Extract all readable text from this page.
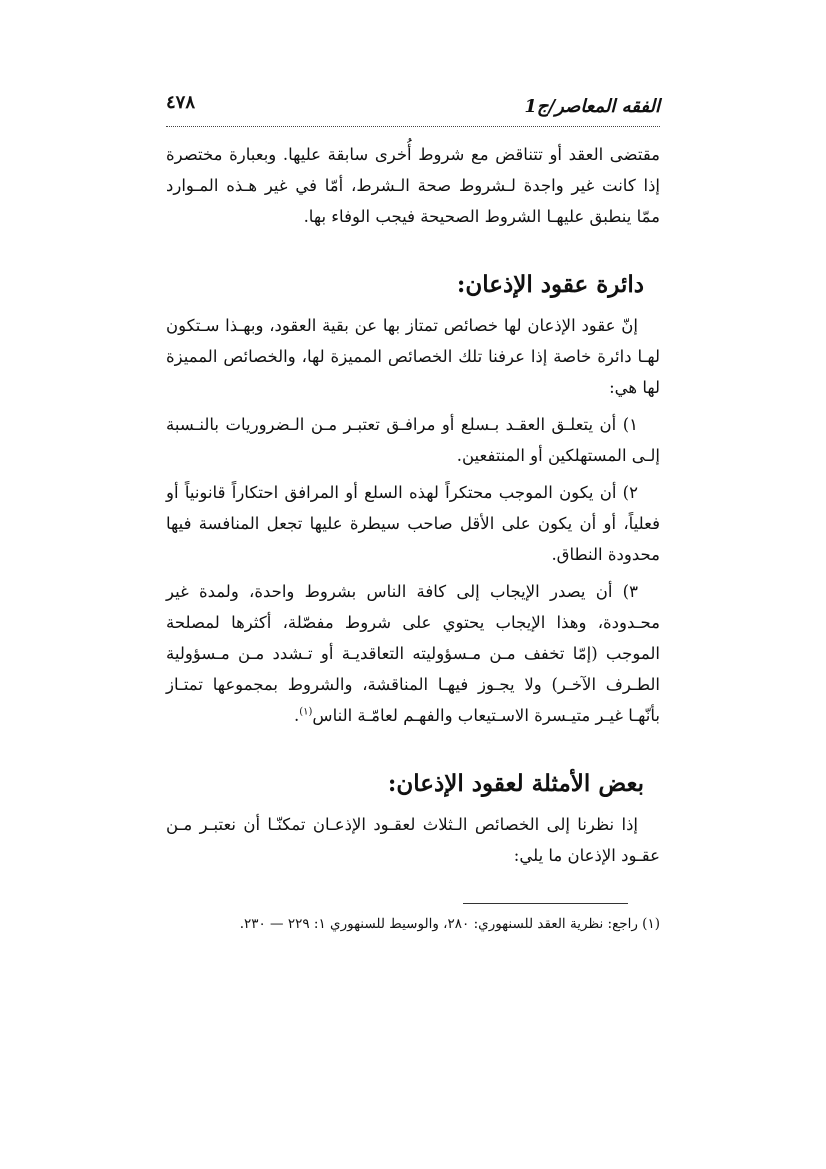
الفقه المعاصر/ج1
٤٧٨

مقتضى العقد أو تتناقض مع شروط أُخرى سابقة عليها. وبعبارة مختصرة إذا كانت غير واجدة لـشروط صحة الـشرط، أمّا في غير هـذه المـوارد ممّا ينطبق عليهـا الشروط الصحيحة فيجب الوفاء بها.

دائرة عقود الإذعان:

إنّ عقود الإذعان لها خصائص تمتاز بها عن بقية العقود، وبهـذا سـتكون لهـا دائرة خاصة إذا عرفنا تلك الخصائص المميزة لها، والخصائص المميزة لها هي:

١) أن يتعلـق العقـد بـسلع أو مرافـق تعتبـر مـن الـضروريات بالنـسبة إلـى المستهلكين أو المنتفعين.

٢) أن يكون الموجب محتكراً لهذه السلع أو المرافق احتكاراً قانونياً أو فعلياً، أو أن يكون على الأقل صاحب سيطرة عليها تجعل المنافسة فيها محدودة النطاق.

٣) أن يصدر الإيجاب إلى كافة الناس بشروط واحدة، ولمدة غير محـدودة، وهذا الإيجاب يحتوي على شروط مفصّلة، أكثرها لمصلحة الموجب (إمّا تخفف مـن مـسؤوليته التعاقديـة أو تـشدد مـن مـسؤولية الطـرف الآخـر) ولا يجـوز فيهـا المناقشة، والشروط بمجموعها تمتـاز بأنّهـا غيـر متيـسرة الاسـتيعاب والفهـم لعامّـة الناس$^{(١)}$.

بعض الأمثلة لعقود الإذعان:

إذا نظرنا إلى الخصائص الـثلاث لعقـود الإذعـان تمكنّـا أن نعتبـر مـن عقـود الإذعان ما يلي:

(١) راجع: نظرية العقد للسنهوري: ٢٨٠، والوسيط للسنهوري ١: ٢٢٩ — ٢٣٠.
